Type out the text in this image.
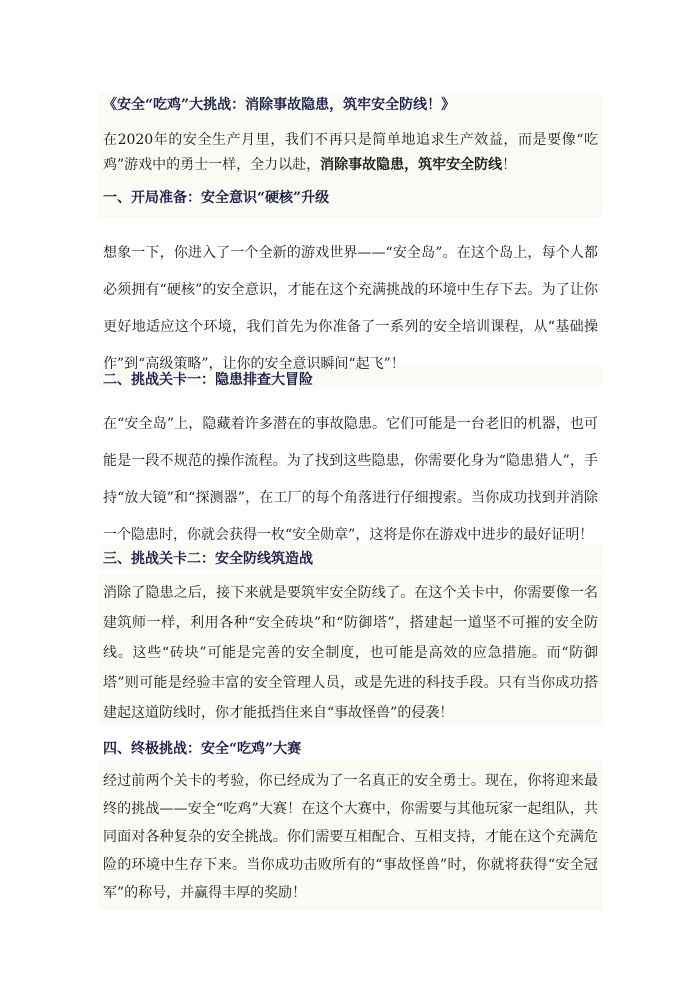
《安全“吃鸡”大挑战：消除事故隐患，筑牢安全防线！》

在2020年的安全生产月里，我们不再只是简单地追求生产效益，而是要像“吃鸡”游戏中的勇士一样，全力以赴，消除事故隐患，筑牢安全防线！

一、开局准备：安全意识“硬核”升级

想象一下，你进入了一个全新的游戏世界——“安全岛”。在这个岛上，每个人都必须拥有“硬核”的安全意识，才能在这个充满挑战的环境中生存下去。为了让你更好地适应这个环境，我们首先为你准备了一系列的安全培训课程，从“基础操作”到“高级策略”，让你的安全意识瞬间“起飞”！

二、挑战关卡一：隐患排查大冒险

在“安全岛”上，隐藏着许多潜在的事故隐患。它们可能是一台老旧的机器，也可能是一段不规范的操作流程。为了找到这些隐患，你需要化身为“隐患猎人”，手持“放大镜”和“探测器”，在工厂的每个角落进行仔细搜索。当你成功找到并消除一个隐患时，你就会获得一枚“安全勋章”，这将是你在游戏中进步的最好证明！

三、挑战关卡二：安全防线筑造战

消除了隐患之后，接下来就是要筑牢安全防线了。在这个关卡中，你需要像一名建筑师一样，利用各种“安全砖块”和“防御塔”，搭建起一道坚不可摧的安全防线。这些“砖块”可能是完善的安全制度，也可能是高效的应急措施。而“防御塔”则可能是经验丰富的安全管理人员，或是先进的科技手段。只有当你成功搭建起这道防线时，你才能抵挡住来自“事故怪兽”的侵袭！

四、终极挑战：安全“吃鸡”大赛

经过前两个关卡的考验，你已经成为了一名真正的安全勇士。现在，你将迎来最终的挑战——安全“吃鸡”大赛！在这个大赛中，你需要与其他玩家一起组队，共同面对各种复杂的安全挑战。你们需要互相配合、互相支持，才能在这个充满危险的环境中生存下来。当你成功击败所有的“事故怪兽”时，你就将获得“安全冠军”的称号，并赢得丰厚的奖励！
